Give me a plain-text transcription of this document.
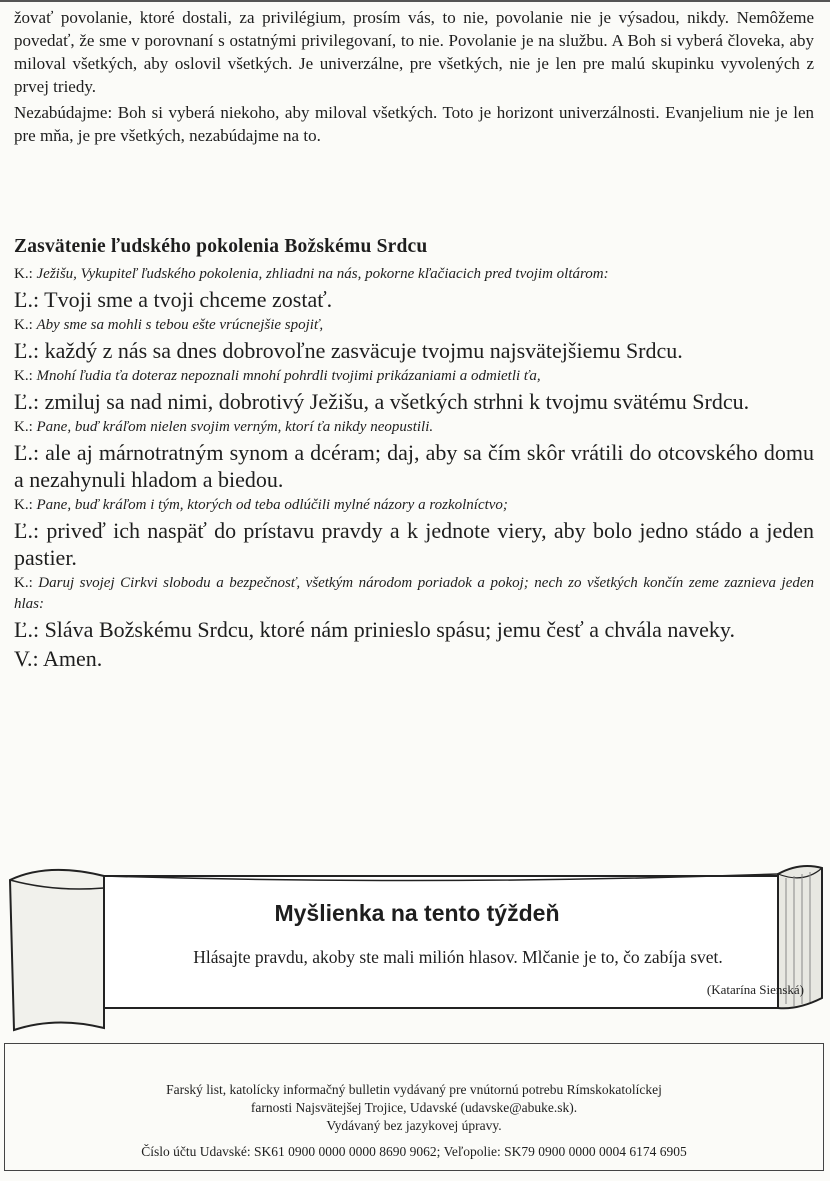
žovať povolanie, ktoré dostali, za privilégium, prosím vás, to nie, povolanie nie je výsadou, nikdy. Nemôžeme povedať, že sme v porovnaní s ostatnými privilegovaní, to nie. Povolanie je na službu. A Boh si vyberá človeka, aby miloval všetkých, aby oslovil všetkých. Je univerzálne, pre všetkých, nie je len pre malú skupinku vyvolených z prvej triedy.

Nezabúdajme: Boh si vyberá niekoho, aby miloval všetkých. Toto je horizont univerzálnosti. Evanjelium nie je len pre mňa, je pre všetkých, nezabúdajme na to.

Zasvätenie ľudského pokolenia Božskému Srdcu

K.: Ježišu, Vykupiteľ ľudského pokolenia, zhliadni na nás, pokorne kľačiacich pred tvojim oltárom:

Ľ.: Tvoji sme a tvoji chceme zostať.

K.: Aby sme sa mohli s tebou ešte vrúcnejšie spojiť,

Ľ.: každý z nás sa dnes dobrovoľne zasväcuje tvojmu najsvätejšiemu Srdcu.

K.: Mnohí ľudia ťa doteraz nepoznali mnohí pohrdli tvojimi prikázaniami a odmietli ťa,

Ľ.: zmiluj sa nad nimi, dobrotivý Ježišu, a všetkých strhni k tvojmu svätému Srdcu.

K.: Pane, buď kráľom nielen svojim verným, ktorí ťa nikdy neopustili.

Ľ.: ale aj márnotratným synom a dcéram; daj, aby sa čím skôr vrátili do otcovského domu a nezahynuli hladom a biedou.

K.: Pane, buď kráľom i tým, ktorých od teba odlúčili mylné názory a rozkolníctvo;

Ľ.: priveď ich naspäť do prístavu pravdy a k jednote viery, aby bolo jedno stádo a jeden pastier.

K.: Daruj svojej Cirkvi slobodu a bezpečnosť, všetkým národom poriadok a pokoj; nech zo všetkých končín zeme zaznieva jeden hlas:

Ľ.: Sláva Božskému Srdcu, ktoré nám prinieslo spásu; jemu česť a chvála naveky.

V.: Amen.

Myšlienka na tento týždeň
Hlásajte pravdu, akoby ste mali milión hlasov. Mlčanie je to, čo zabíja svet.
(Katarína Sienská)
Farský list, katolícky informačný bulletin vydávaný pre vnútornú potrebu Rímskokatolíckej
farnosti Najsvätejšej Trojice, Udavské (udavske@abuke.sk).
Vydávaný bez jazykovej úpravy.
Číslo účtu Udavské: SK61 0900 0000 0000 8690 9062; Veľopolie: SK79 0900 0000 0004 6174 6905
